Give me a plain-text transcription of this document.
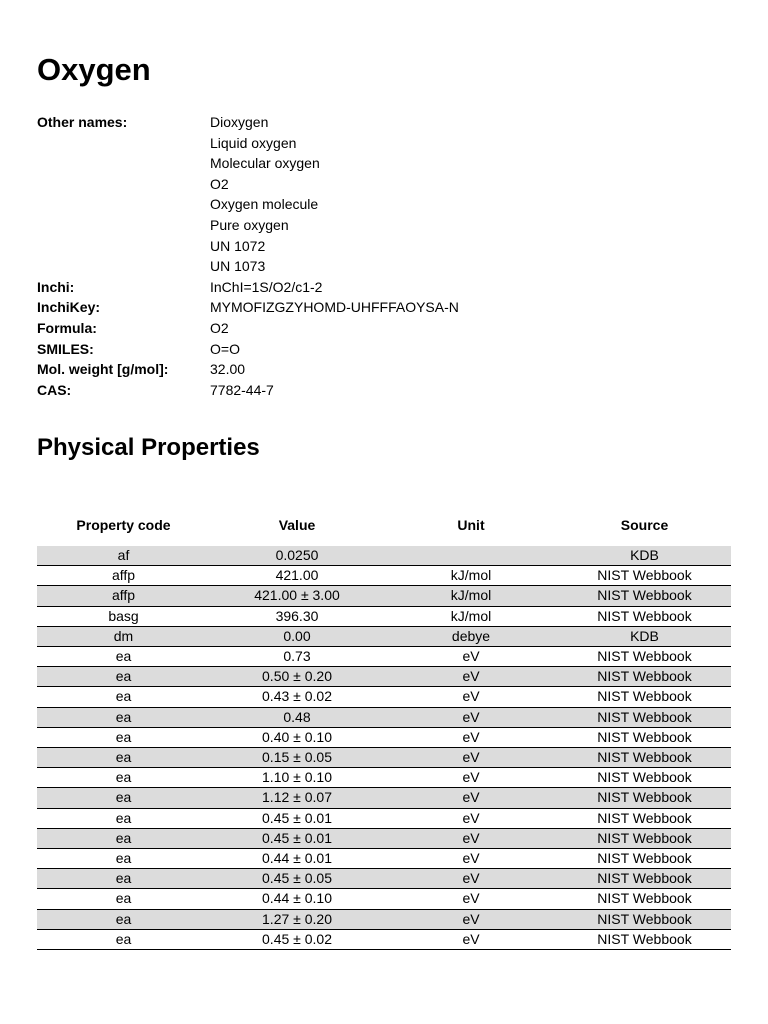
Oxygen
Other names:	Dioxygen
Liquid oxygen
Molecular oxygen
O2
Oxygen molecule
Pure oxygen
UN 1072
UN 1073
Inchi:	InChI=1S/O2/c1-2
InchiKey:	MYMOFIZGZYHOMD-UHFFFAOYSA-N
Formula:	O2
SMILES:	O=O
Mol. weight [g/mol]:	32.00
CAS:	7782-44-7
Physical Properties
Property code	Value	Unit	Source
af	0.0250		KDB
affp	421.00	kJ/mol	NIST Webbook
affp	421.00 ± 3.00	kJ/mol	NIST Webbook
basg	396.30	kJ/mol	NIST Webbook
dm	0.00	debye	KDB
ea	0.73	eV	NIST Webbook
ea	0.50 ± 0.20	eV	NIST Webbook
ea	0.43 ± 0.02	eV	NIST Webbook
ea	0.48	eV	NIST Webbook
ea	0.40 ± 0.10	eV	NIST Webbook
ea	0.15 ± 0.05	eV	NIST Webbook
ea	1.10 ± 0.10	eV	NIST Webbook
ea	1.12 ± 0.07	eV	NIST Webbook
ea	0.45 ± 0.01	eV	NIST Webbook
ea	0.45 ± 0.01	eV	NIST Webbook
ea	0.44 ± 0.01	eV	NIST Webbook
ea	0.45 ± 0.05	eV	NIST Webbook
ea	0.44 ± 0.10	eV	NIST Webbook
ea	1.27 ± 0.20	eV	NIST Webbook
ea	0.45 ± 0.02	eV	NIST Webbook
